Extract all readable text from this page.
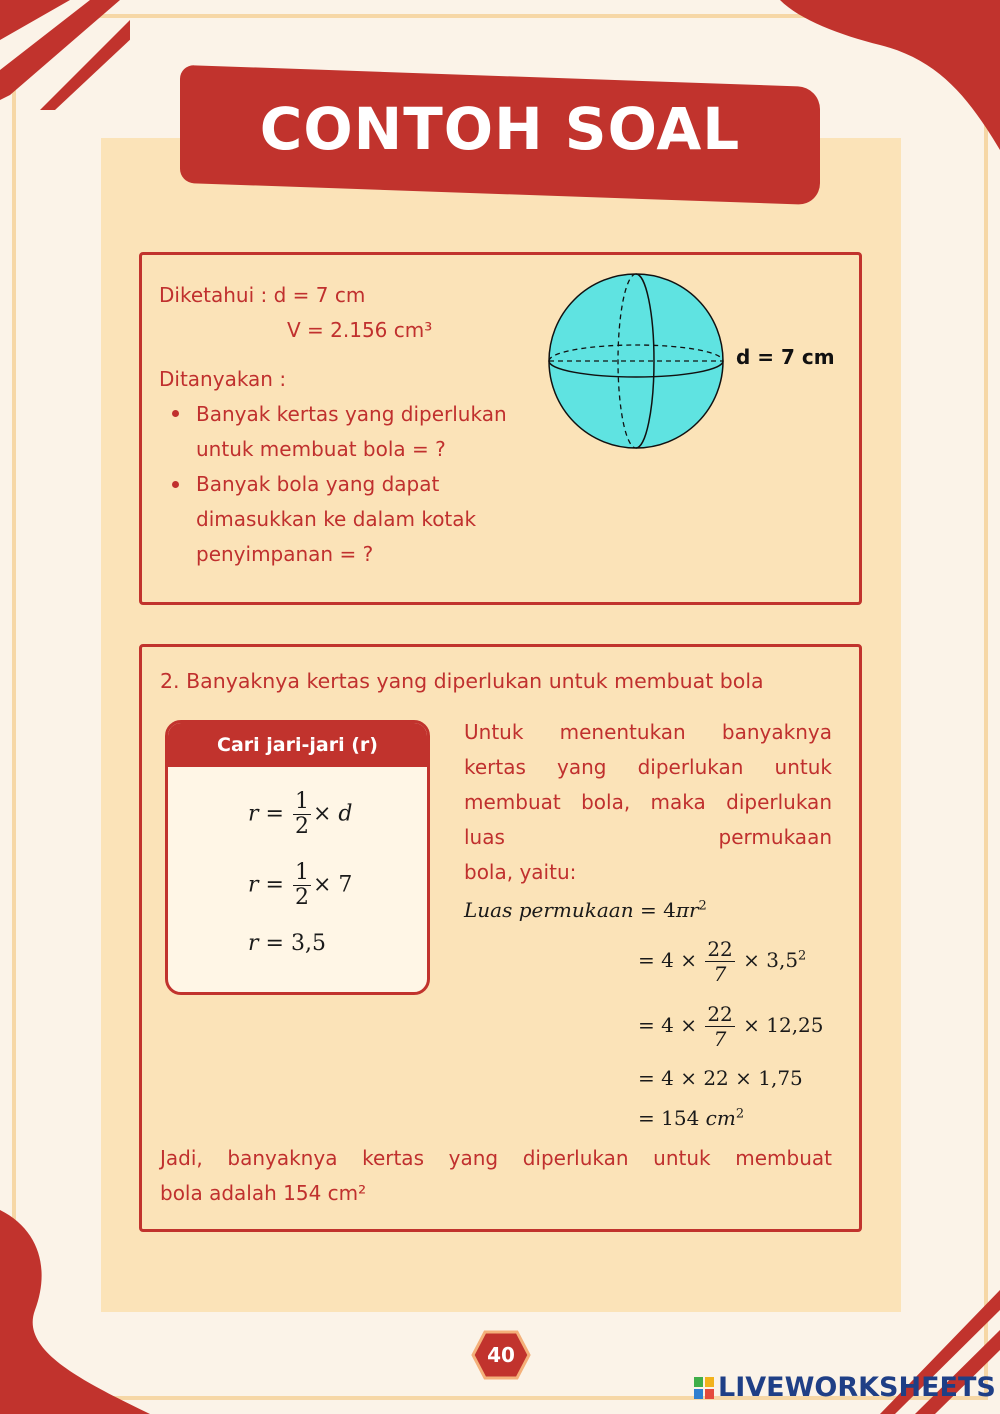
CONTOH SOAL
Diketahui : d = 7 cm
V = 2.156 cm³
Ditanyakan :
Banyak kertas yang diperlukan
untuk membuat bola = ?
Banyak bola yang dapat
dimasukkan ke dalam kotak
penyimpanan = ?
d = 7 cm
2. Banyaknya kertas yang diperlukan untuk membuat bola
Cari jari-jari (r)
$r = \frac{1}{2} \times d$
$r = \frac{1}{2} \times 7$
r = 3,5
Untuk menentukan banyaknya kertas yang diperlukan untuk membuat bola, maka diperlukan luas permukaan
bola, yaitu:
Luas permukaan = $4\pi r^2$
= $4 \times \frac{22}{7} \times 3,5^2$
= $4 \times \frac{22}{7} \times 12,25$
= 4 × 22 × 1,75
= 154 $cm^2$
Jadi, banyaknya kertas yang diperlukan untuk membuat
bola adalah 154 cm²
40
LIVEWORKSHEETS
